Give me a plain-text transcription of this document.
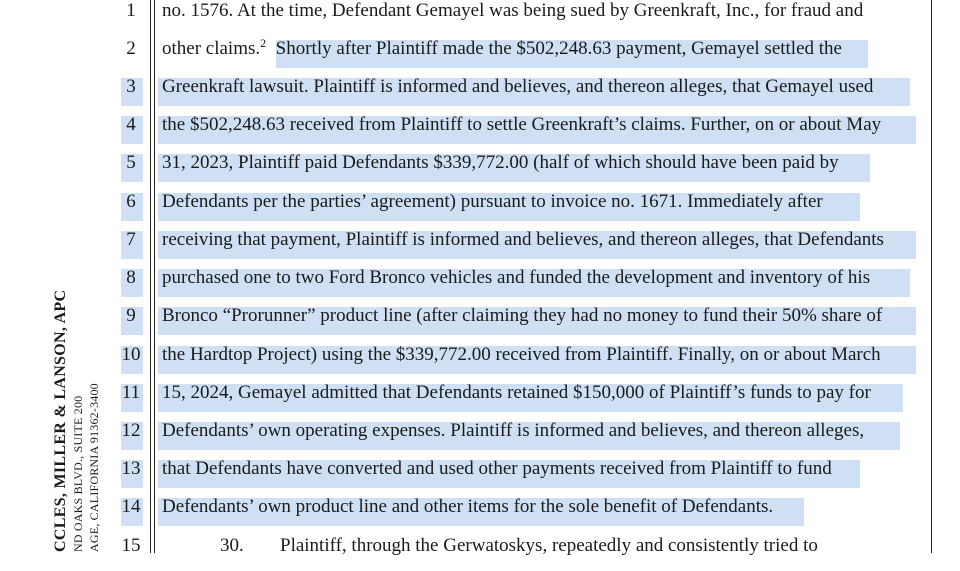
CCLES, MILLER & LANSON, APC ND OAKS BLVD., SUITE 200 AGE, CALIFORNIA 91362-3400
1	no. 1576. At the time, Defendant Gemayel was being sued by Greenkraft, Inc., for fraud and
2	other claims.$^2$  Shortly after Plaintiff made the $502,248.63 payment, Gemayel settled the
3	Greenkraft lawsuit. Plaintiff is informed and believes, and thereon alleges, that Gemayel used
4	the $502,248.63 received from Plaintiff to settle Greenkraft’s claims. Further, on or about May
5	31, 2023, Plaintiff paid Defendants $339,772.00 (half of which should have been paid by
6	Defendants per the parties’ agreement) pursuant to invoice no. 1671. Immediately after
7	receiving that payment, Plaintiff is informed and believes, and thereon alleges, that Defendants
8	purchased one to two Ford Bronco vehicles and funded the development and inventory of his
9	Bronco “Prorunner” product line (after claiming they had no money to fund their 50% share of
10 the Hardtop Project) using the $339,772.00 received from Plaintiff. Finally, on or about March
11 15, 2024, Gemayel admitted that Defendants retained $150,000 of Plaintiff’s funds to pay for
12 Defendants’ own operating expenses. Plaintiff is informed and believes, and thereon alleges,
13 that Defendants have converted and used other payments received from Plaintiff to fund
14 Defendants’ own product line and other items for the sole benefit of Defendants.
15	30. Plaintiff, through the Gerwatoskys, repeatedly and consistently tried to
